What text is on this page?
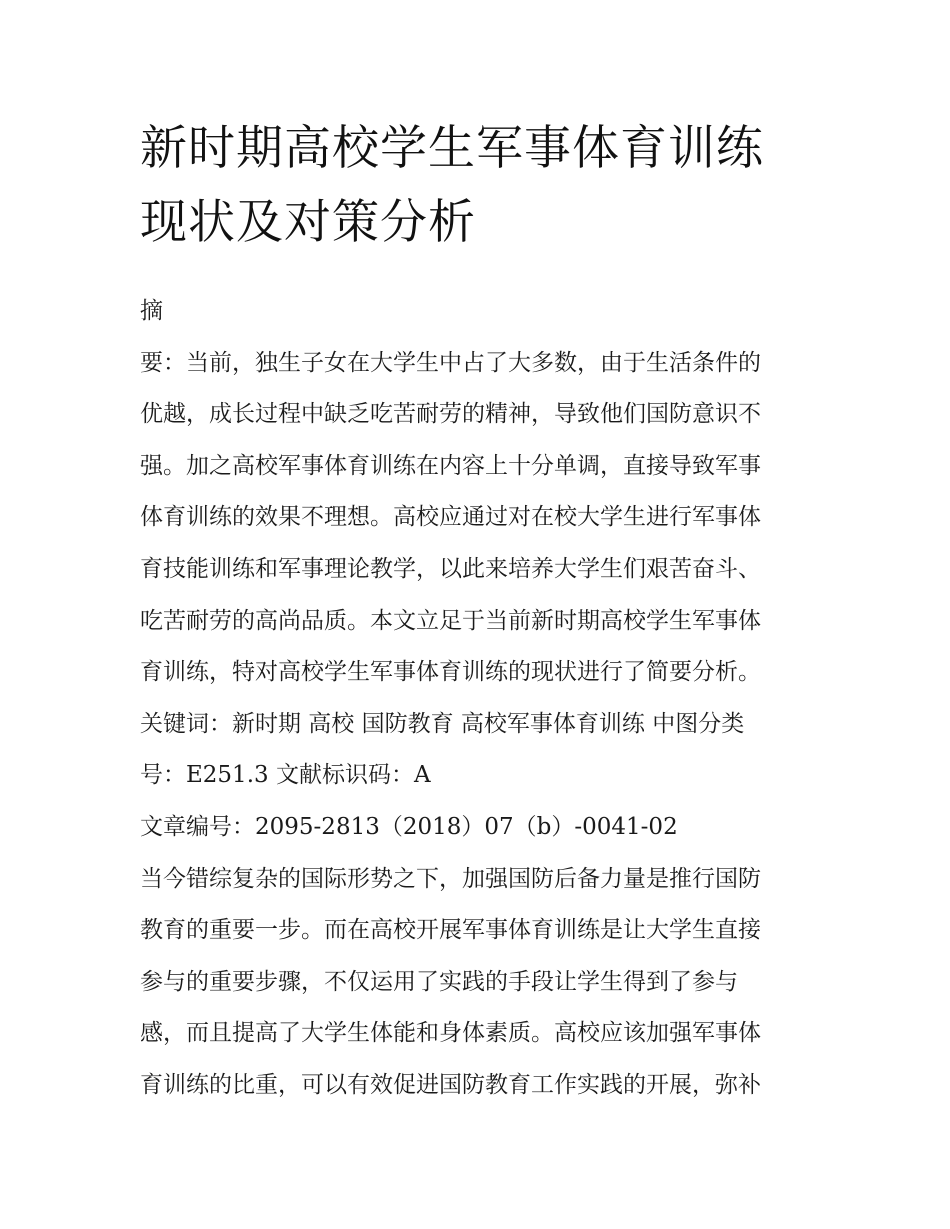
新时期高校学生军事体育训练
现状及对策分析
摘
要：当前，独生子女在大学生中占了大多数，由于生活条件的
优越，成长过程中缺乏吃苦耐劳的精神，导致他们国防意识不
强。加之高校军事体育训练在内容上十分单调，直接导致军事
体育训练的效果不理想。高校应通过对在校大学生进行军事体
育技能训练和军事理论教学，以此来培养大学生们艰苦奋斗、
吃苦耐劳的高尚品质。本文立足于当前新时期高校学生军事体
育训练，特对高校学生军事体育训练的现状进行了简要分析。
关键词：新时期 高校 国防教育 高校军事体育训练 中图分类
号：E251.3 文献标识码：A
文章编号：2095-2813（2018）07（b）-0041-02
当今错综复杂的国际形势之下，加强国防后备力量是推行国防
教育的重要一步。而在高校开展军事体育训练是让大学生直接
参与的重要步骤，不仅运用了实践的手段让学生得到了参与
感，而且提高了大学生体能和身体素质。高校应该加强军事体
育训练的比重，可以有效促进国防教育工作实践的开展，弥补
